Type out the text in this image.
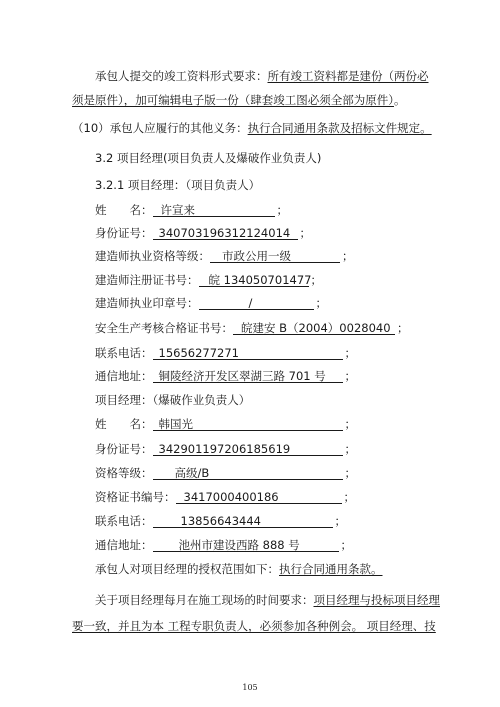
承包人提交的竣工资料形式要求：所有竣工资料都是建份（两份必
须是原件），加可编辑电子版一份（肆套竣工图必须全部为原件）。
（10）承包人应履行的其他义务：执行合同通用条款及招标文件规定。
3.2 项目经理(项目负责人及爆破作业负责人)
3.2.1 项目经理：（项目负责人）
姓　　名： 许宣来	；
身份证号： 340703196312124014 ；
建造师执业资格等级： 市政公用一级	；
建造师注册证书号： 皖 134050701477；
建造师执业印章号：	/	；
安全生产考核合格证书号： 皖建安 B（2004）0028040 ；
联系电话： 15656277271	；
通信地址： 铜陵经济开发区翠湖三路 701 号 ；
项目经理：（爆破作业负责人）
姓　　名： 韩国光	；
身份证号： 342901197206185619	；
资格等级： 高级/B	；
资格证书编号： 3417000400186	；
联系电话： 13856643444	；
通信地址： 池州市建设西路 888 号	；
承包人对项目经理的授权范围如下：执行合同通用条款。
关于项目经理每月在施工现场的时间要求：项目经理与投标项目经理
要一致，并且为本 工程专职负责人，必须参加各种例会。 项目经理、技
105
